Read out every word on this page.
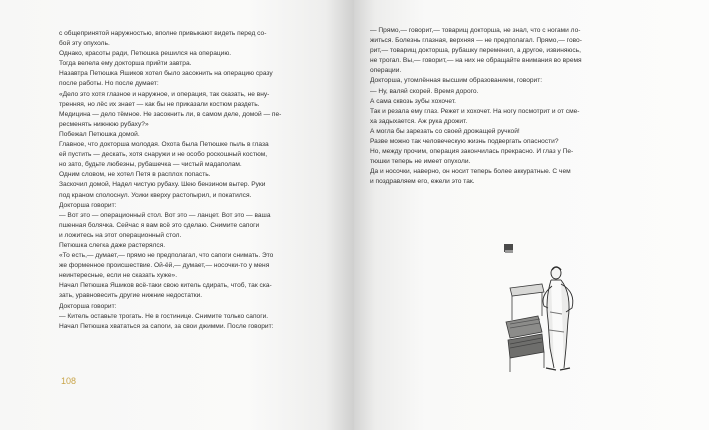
с общепринятой наружностью, вполне привыкают видеть перед со-
бой эту опухоль.
Однако, красоты ради, Петюшка решился на операцию.
Тогда велела ему докторша прийти завтра.
Назавтра Петюшка Яшиков хотел было засокнить на операцию сразу
после работы. Но после думает:
«Дело это хотя глазное и наружное, и операция, так сказать, не вну-
тренняя, но лёс их знает — как бы не приказали костюм раздеть.
Медицина — дело тёмное. Не засокнить ли, в самом деле, домой — пе-
ресменять нижнюю рубаху?»
Побежал Петюшка домой.
Главное, что докторша молодая. Охота была Петюшке пыль в глаза
ей пустить — дескать, хотя снаружи и не особо роскошный костюм,
но зато, будьте любезны, рубашечка — чистый мадаполам.
Одним словом, не хотел Петя в расплох попасть.
Заскочил домой, Надел чистую рубаху. Шею бензином вытер. Руки
под краном сполоснул. Усики кверху растопырил, и покатился.
Докторша говорит:
— Вот это — операционный стол. Вот это — ланцет. Вот это — ваша
пшенная болячка. Сейчас я вам всё это сделаю. Снимите сапоги
и ложитесь на этот операционный стол.
Петюшка слегка даже растерялся.
«То есть,— думает,— прямо не предполагал, что сапоги снимать. Это
же форменное происшествие. Ой-ёй,— думает,— носочки-то у меня
неинтересные, если не сказать хуже».
Начал Петюшка Яшиков всё-таки свою китель сдирать, чтоб, так ска-
зать, уравновесить другие нижние недостатки.
Докторша говорит:
— Китель оставьте трогать. Не в гостинице. Снимите только сапоги.
Начал Петюшка хвататься за сапоги, за свои джимми. После говорит:
108
— Прямо,— говорит,— товарищ докторша, не знал, что с ногами ло-
житься. Болезнь глазная, верхняя — не предполагал. Прямо,— гово-
рит,— товарищ докторша, рубашку переменил, а другое, извиняюсь,
не трогал. Вы,— говорит,— на них не обращайте внимания во время
операции.
Докторша, утомлённая высшим образованием, говорит:
— Ну, валяй скорей. Время дорого.
А сама сквозь зубы хохочет.
Так и резала ему глаз. Режет и хохочет. На ногу посмотрит и от сме-
ха задыхается. Аж рука дрожит.
А могла бы зарезать со своей дрожащей ручкой!
Разве можно так человеческую жизнь подвергать опасности?
Но, между прочим, операция закончилась прекрасно. И глаз у Пе-
тюшки теперь не имеет опухоли.
Да и носочки, наверно, он носит теперь более аккуратные. С чем
и поздравляем его, ежели это так.
